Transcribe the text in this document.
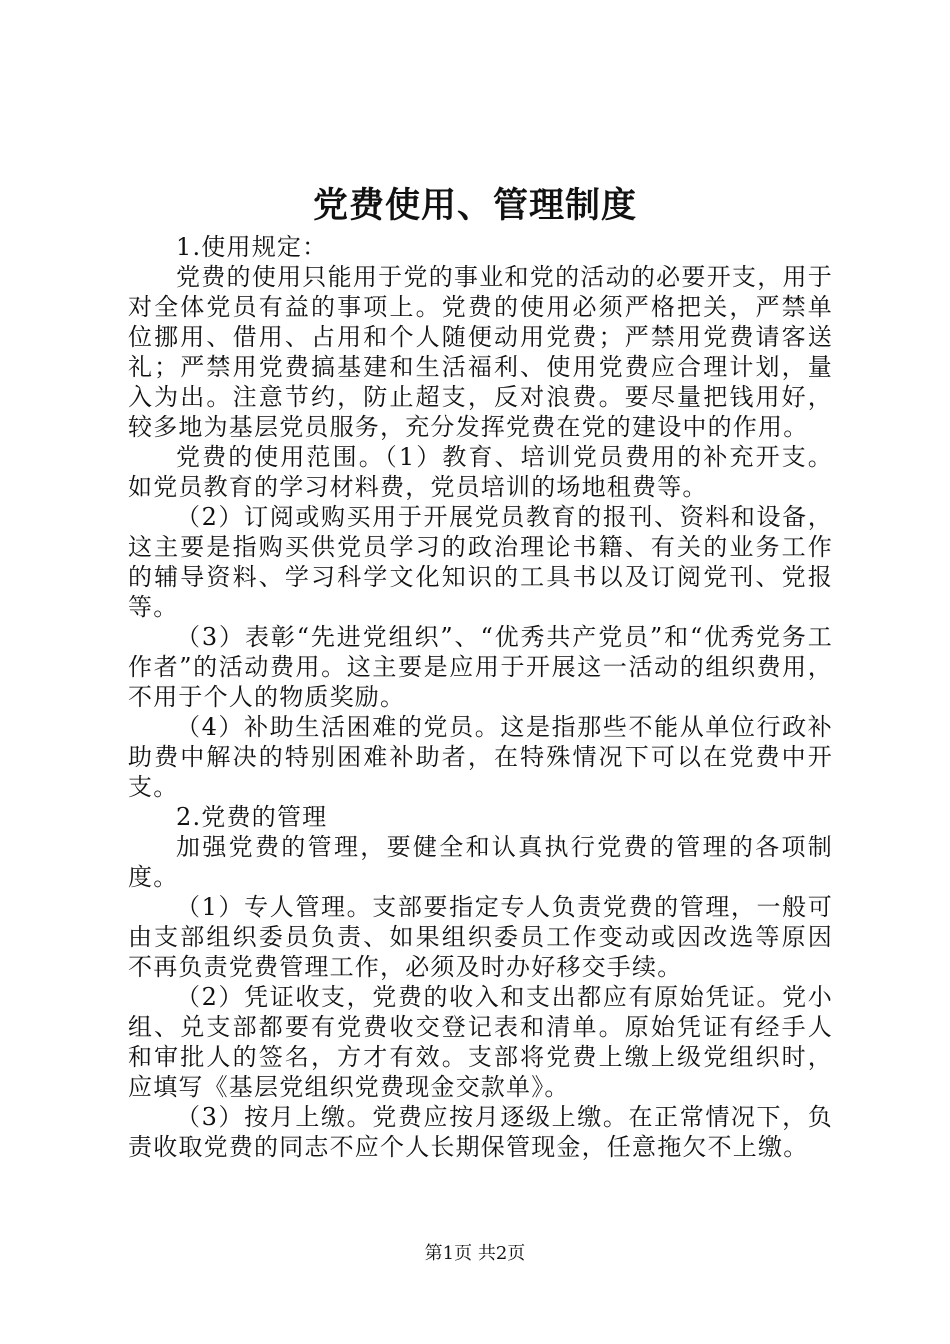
党费使用、管理制度

1.使用规定：

党费的使用只能用于党的事业和党的活动的必要开支，用于对全体党员有益的事项上。党费的使用必须严格把关，严禁单位挪用、借用、占用和个人随便动用党费；严禁用党费请客送礼；严禁用党费搞基建和生活福利、使用党费应合理计划，量入为出。注意节约，防止超支，反对浪费。要尽量把钱用好，较多地为基层党员服务，充分发挥党费在党的建设中的作用。

党费的使用范围。（1）教育、培训党员费用的补充开支。如党员教育的学习材料费，党员培训的场地租费等。

（2）订阅或购买用于开展党员教育的报刊、资料和设备，这主要是指购买供党员学习的政治理论书籍、有关的业务工作的辅导资料、学习科学文化知识的工具书以及订阅党刊、党报等。

（3）表彰“先进党组织”、“优秀共产党员”和“优秀党务工作者”的活动费用。这主要是应用于开展这一活动的组织费用，不用于个人的物质奖励。

（4）补助生活困难的党员。这是指那些不能从单位行政补助费中解决的特别困难补助者，在特殊情况下可以在党费中开支。

2.党费的管理

加强党费的管理，要健全和认真执行党费的管理的各项制度。

（1）专人管理。支部要指定专人负责党费的管理，一般可由支部组织委员负责、如果组织委员工作变动或因改选等原因不再负责党费管理工作，必须及时办好移交手续。

（2）凭证收支，党费的收入和支出都应有原始凭证。党小组、兑支部都要有党费收交登记表和清单。原始凭证有经手人和审批人的签名，方才有效。支部将党费上缴上级党组织时，应填写《基层党组织党费现金交款单》。

（3）按月上缴。党费应按月逐级上缴。在正常情况下，负责收取党费的同志不应个人长期保管现金，任意拖欠不上缴。

第1页 共2页
